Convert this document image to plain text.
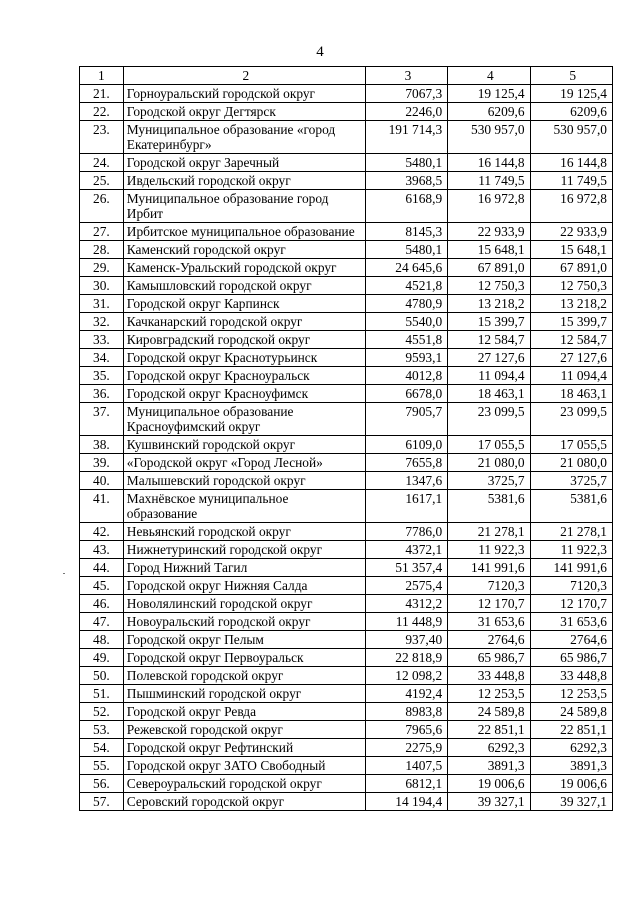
4
1	2	3	4	5
21.	Горноуральский городской округ	7067,3	19 125,4	19 125,4
22.	Городской округ Дегтярск	2246,0	6209,6	6209,6
23.	Муниципальное образование «город Екатеринбург»	191 714,3	530 957,0	530 957,0
24.	Городской округ Заречный	5480,1	16 144,8	16 144,8
25.	Ивдельский городской округ	3968,5	11 749,5	11 749,5
26.	Муниципальное образование город Ирбит	6168,9	16 972,8	16 972,8
27.	Ирбитское муниципальное образование	8145,3	22 933,9	22 933,9
28.	Каменский городской округ	5480,1	15 648,1	15 648,1
29.	Каменск-Уральский городской округ	24 645,6	67 891,0	67 891,0
30.	Камышловский городской округ	4521,8	12 750,3	12 750,3
31.	Городской округ Карпинск	4780,9	13 218,2	13 218,2
32.	Качканарский городской округ	5540,0	15 399,7	15 399,7
33.	Кировградский городской округ	4551,8	12 584,7	12 584,7
34.	Городской округ Краснотурьинск	9593,1	27 127,6	27 127,6
35.	Городской округ Красноуральск	4012,8	11 094,4	11 094,4
36.	Городской округ Красноуфимск	6678,0	18 463,1	18 463,1
37.	Муниципальное образование Красноуфимский округ	7905,7	23 099,5	23 099,5
38.	Кушвинский городской округ	6109,0	17 055,5	17 055,5
39.	«Городской округ «Город Лесной»	7655,8	21 080,0	21 080,0
40.	Малышевский городской округ	1347,6	3725,7	3725,7
41.	Махнёвское муниципальное образование	1617,1	5381,6	5381,6
42.	Невьянский городской округ	7786,0	21 278,1	21 278,1
43.	Нижнетуринский городской округ	4372,1	11 922,3	11 922,3
44.	Город Нижний Тагил	51 357,4	141 991,6	141 991,6
45.	Городской округ Нижняя Салда	2575,4	7120,3	7120,3
46.	Новолялинский городской округ	4312,2	12 170,7	12 170,7
47.	Новоуральский городской округ	11 448,9	31 653,6	31 653,6
48.	Городской округ Пелым	937,40	2764,6	2764,6
49.	Городской округ Первоуральск	22 818,9	65 986,7	65 986,7
50.	Полевской городской округ	12 098,2	33 448,8	33 448,8
51.	Пышминский городской округ	4192,4	12 253,5	12 253,5
52.	Городской округ Ревда	8983,8	24 589,8	24 589,8
53.	Режевской городской округ	7965,6	22 851,1	22 851,1
54.	Городской округ Рефтинский	2275,9	6292,3	6292,3
55.	Городской округ ЗАТО Свободный	1407,5	3891,3	3891,3
56.	Североуральский городской округ	6812,1	19 006,6	19 006,6
57.	Серовский городской округ	14 194,4	39 327,1	39 327,1
